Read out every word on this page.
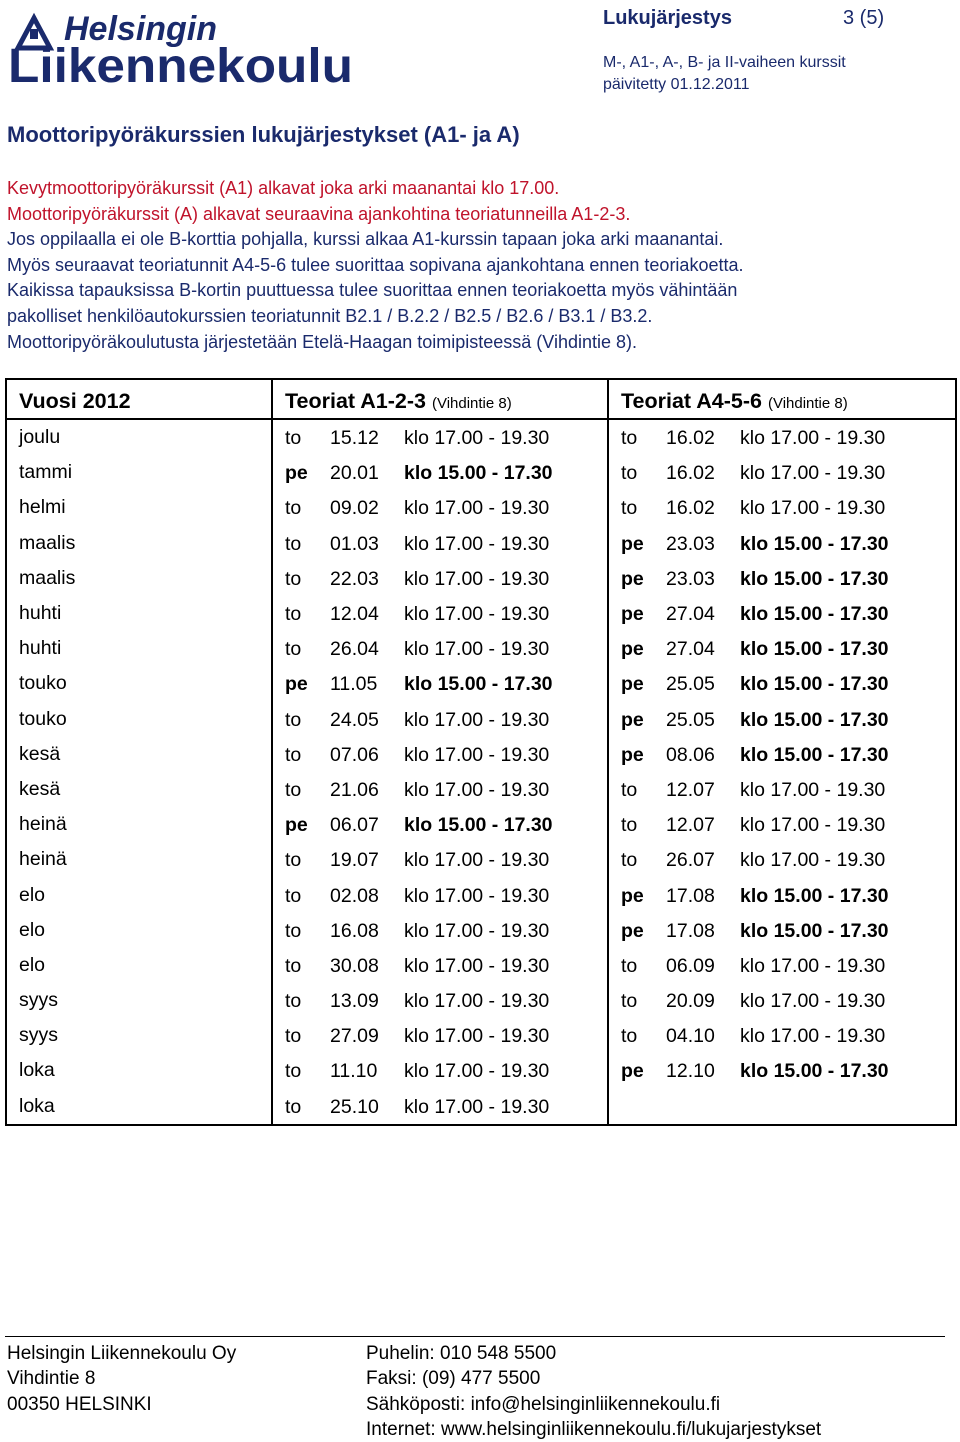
Helsingin
Liikennekoulu
Lukujärjestys	3 (5)
M-, A1-, A-, B- ja II-vaiheen kurssit
päivitetty 01.12.2011
Moottoripyöräkurssien lukujärjestykset (A1- ja A)
Kevytmoottoripyöräkurssit (A1) alkavat joka arki maanantai klo 17.00.
Moottoripyöräkurssit (A) alkavat seuraavina ajankohtina teoriatunneilla A1-2-3.
Jos oppilaalla ei ole B-korttia pohjalla, kurssi alkaa A1-kurssin tapaan joka arki maanantai.
Myös seuraavat teoriatunnit A4-5-6 tulee suorittaa sopivana ajankohtana ennen teoriakoetta.
Kaikissa tapauksissa B-kortin puuttuessa tulee suorittaa ennen teoriakoetta myös vähintään
pakolliset henkilöautokurssien teoriatunnit B2.1 / B.2.2 / B2.5 / B2.6 / B3.1 / B3.2.
Moottoripyöräkoulutusta järjestetään Etelä-Haagan toimipisteessä (Vihdintie 8).
Vuosi 2012	Teoriat A1-2-3 (Vihdintie 8)	Teoriat A4-5-6 (Vihdintie 8)
joulu	to 15.12 klo 17.00 - 19.30	to 16.02 klo 17.00 - 19.30

tammi	pe 20.01 klo 15.00 - 17.30	to 16.02 klo 17.00 - 19.30

helmi	to 09.02 klo 17.00 - 19.30	to 16.02 klo 17.00 - 19.30

maalis	to 01.03 klo 17.00 - 19.30	pe 23.03 klo 15.00 - 17.30

maalis	to 22.03 klo 17.00 - 19.30	pe 23.03 klo 15.00 - 17.30

huhti	to 12.04 klo 17.00 - 19.30	pe 27.04 klo 15.00 - 17.30

huhti	to 26.04 klo 17.00 - 19.30	pe 27.04 klo 15.00 - 17.30

touko	pe 11.05 klo 15.00 - 17.30	pe 25.05 klo 15.00 - 17.30

touko	to 24.05 klo 17.00 - 19.30	pe 25.05 klo 15.00 - 17.30

kesä	to 07.06 klo 17.00 - 19.30	pe 08.06 klo 15.00 - 17.30

kesä	to 21.06 klo 17.00 - 19.30	to 12.07 klo 17.00 - 19.30

heinä	pe 06.07 klo 15.00 - 17.30	to 12.07 klo 17.00 - 19.30

heinä	to 19.07 klo 17.00 - 19.30	to 26.07 klo 17.00 - 19.30

elo	to 02.08 klo 17.00 - 19.30	pe 17.08 klo 15.00 - 17.30

elo	to 16.08 klo 17.00 - 19.30	pe 17.08 klo 15.00 - 17.30

elo	to 30.08 klo 17.00 - 19.30	to 06.09 klo 17.00 - 19.30

syys	to 13.09 klo 17.00 - 19.30	to 20.09 klo 17.00 - 19.30

syys	to 27.09 klo 17.00 - 19.30	to 04.10 klo 17.00 - 19.30

loka	to 11.10 klo 17.00 - 19.30	pe 12.10 klo 15.00 - 17.30

loka	to 25.10 klo 17.00 - 19.30	

Helsingin Liikennekoulu Oy
Vihdintie 8
00350 HELSINKI
Puhelin: 010 548 5500
Faksi: (09) 477 5500
Sähköposti: info@helsinginliikennekoulu.fi
Internet: www.helsinginliikennekoulu.fi/lukujarjestykset
